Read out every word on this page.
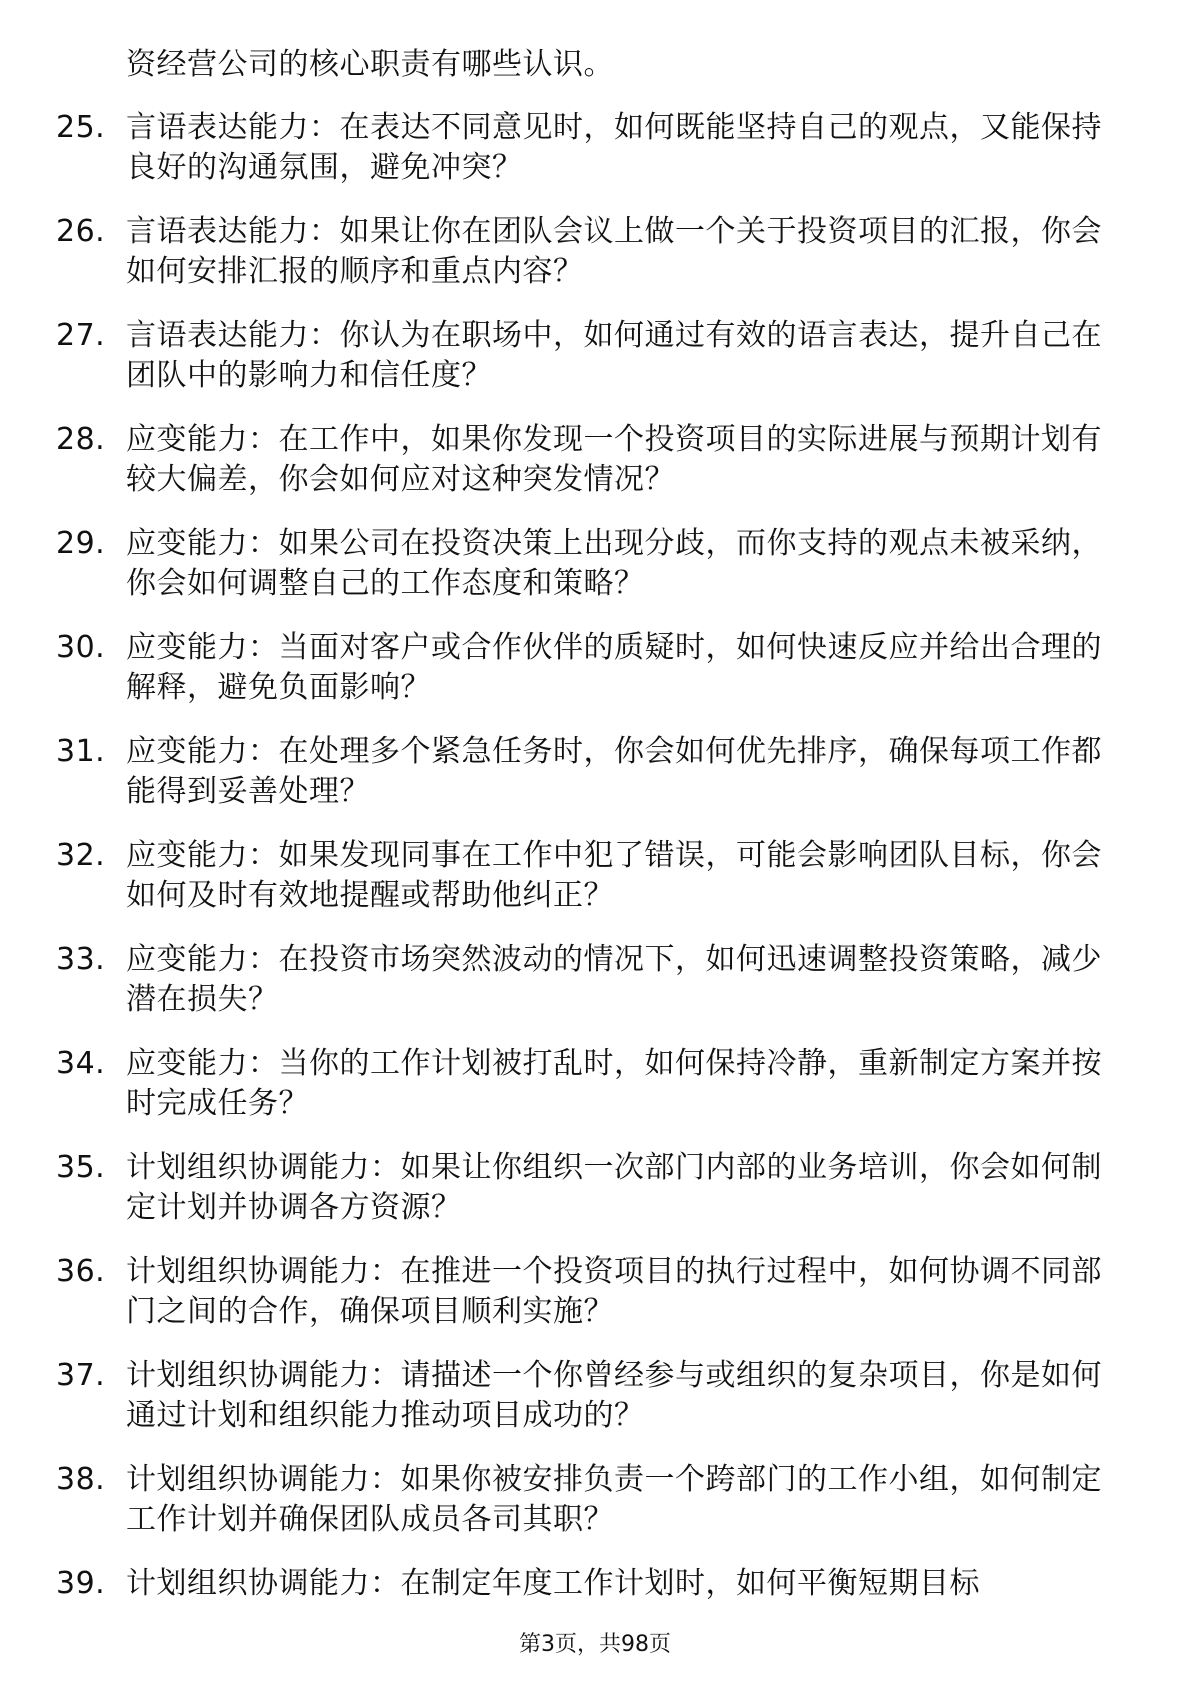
资经营公司的核心职责有哪些认识。
25. 言语表达能力：在表达不同意见时，如何既能坚持自己的观点，又能保持良好的沟通氛围，避免冲突？
26. 言语表达能力：如果让你在团队会议上做一个关于投资项目的汇报，你会如何安排汇报的顺序和重点内容？
27. 言语表达能力：你认为在职场中，如何通过有效的语言表达，提升自己在团队中的影响力和信任度？
28. 应变能力：在工作中，如果你发现一个投资项目的实际进展与预期计划有较大偏差，你会如何应对这种突发情况？
29. 应变能力：如果公司在投资决策上出现分歧，而你支持的观点未被采纳，你会如何调整自己的工作态度和策略？
30. 应变能力：当面对客户或合作伙伴的质疑时，如何快速反应并给出合理的解释，避免负面影响？
31. 应变能力：在处理多个紧急任务时，你会如何优先排序，确保每项工作都能得到妥善处理？
32. 应变能力：如果发现同事在工作中犯了错误，可能会影响团队目标，你会如何及时有效地提醒或帮助他纠正？
33. 应变能力：在投资市场突然波动的情况下，如何迅速调整投资策略，减少潜在损失？
34. 应变能力：当你的工作计划被打乱时，如何保持冷静，重新制定方案并按时完成任务？
35. 计划组织协调能力：如果让你组织一次部门内部的业务培训，你会如何制定计划并协调各方资源？
36. 计划组织协调能力：在推进一个投资项目的执行过程中，如何协调不同部门之间的合作，确保项目顺利实施？
37. 计划组织协调能力：请描述一个你曾经参与或组织的复杂项目，你是如何通过计划和组织能力推动项目成功的？
38. 计划组织协调能力：如果你被安排负责一个跨部门的工作小组，如何制定工作计划并确保团队成员各司其职？
39. 计划组织协调能力：在制定年度工作计划时，如何平衡短期目标
第3页，共98页
